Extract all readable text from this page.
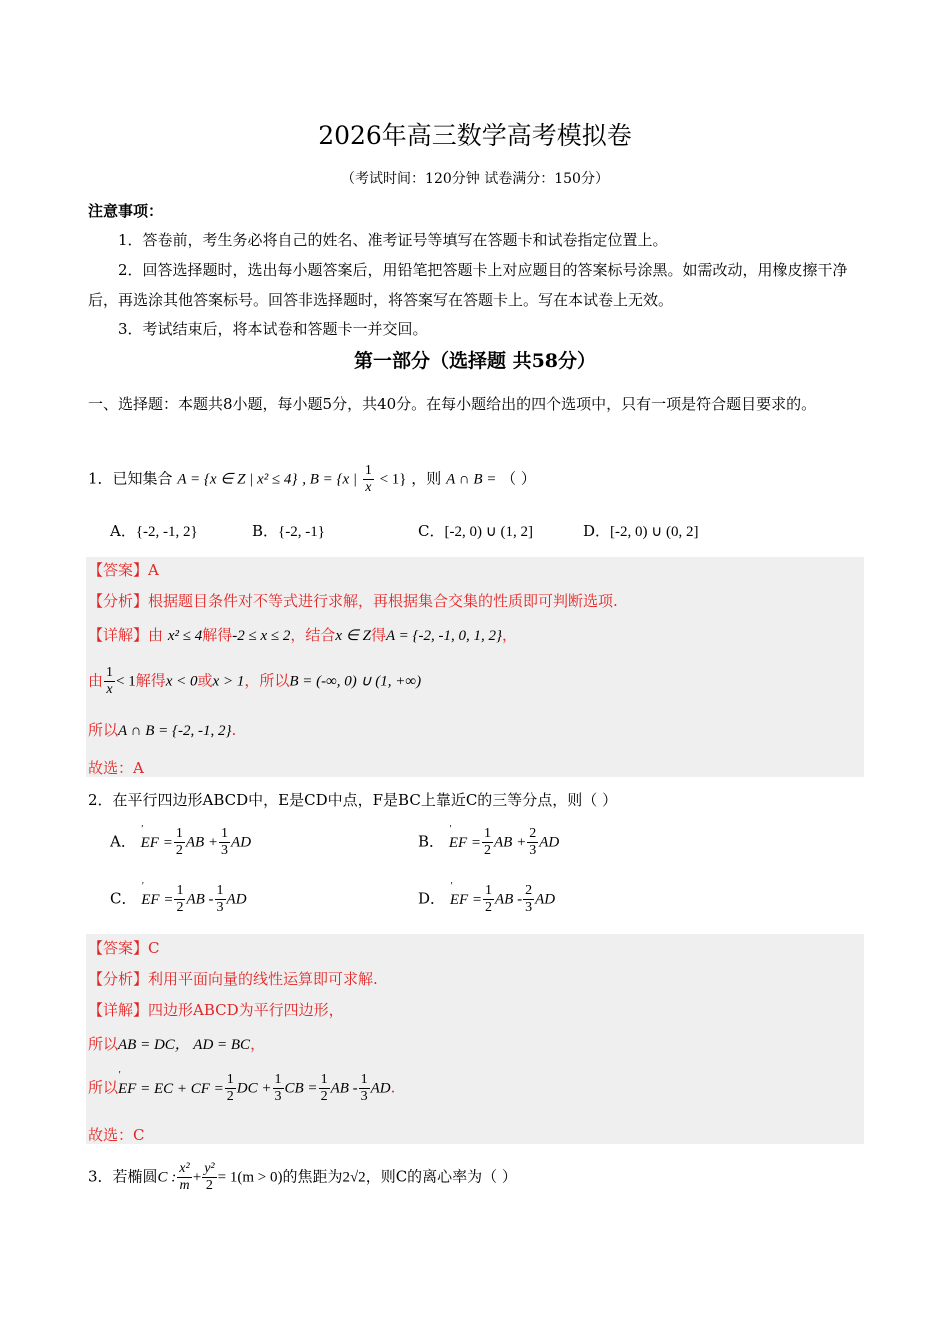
2026年高三数学高考模拟卷
（考试时间：120分钟 试卷满分：150分）
注意事项：
1．答卷前，考生务必将自己的姓名、准考证号等填写在答题卡和试卷指定位置上。
2．回答选择题时，选出每小题答案后，用铅笔把答题卡上对应题目的答案标号涂黑。如需改动，用橡皮擦干净后，再选涂其他答案标号。回答非选择题时，将答案写在答题卡上。写在本试卷上无效。
3．考试结束后，将本试卷和答题卡一并交回。
第一部分（选择题 共58分）
一、选择题：本题共8小题，每小题5分，共40分。在每小题给出的四个选项中，只有一项是符合题目要求的。
1．已知集合 A = {x ∈ Z | x² ≤ 4} , B = {x | $\frac{1}{x} < 1$} ，则 A ∩ B = （ ）
A．{-2, -1, 2}	B．{-2, -1}	C．[-2, 0) ∪ (1, 2]	D．[-2, 0) ∪ (0, 2]
【答案】A
【分析】根据题目条件对不等式进行求解，再根据集合交集的性质即可判断选项.
【详解】由 x² ≤ 4解得-2 ≤ x ≤ 2，结合x ∈ Z得A = {-2, -1, 0, 1, 2}，
由 $\frac{1}{x} < 1$解得x < 0或x > 1，所以B = (-∞, 0) ∪ (1, +∞)
所以A ∩ B = {-2, -1, 2}.
故选：A
2．在平行四边形ABCD中，E是CD中点，F是BC上靠近C的三等分点，则（ ）
A． ' EF = $\frac{1}{2}$ AB + $\frac{1}{3}$ AD	B． ' EF = $\frac{1}{2}$ AB + $\frac{2}{3}$ AD
C． ' EF = $\frac{1}{2}$ AB - $\frac{1}{3}$ AD	D． ' EF = $\frac{1}{2}$ AB - $\frac{2}{3}$ AD
【答案】C
【分析】利用平面向量的线性运算即可求解.
【详解】四边形ABCD为平行四边形，
所以AB = DC， AD = BC，
所以' EF = EC + CF = $\frac{1}{2}$ DC + $\frac{1}{3}$ CB = $\frac{1}{2}$ AB - $\frac{1}{3}$ AD.
故选：C
3．若椭圆C : $\frac{\text{x²}}{m} + \frac{\text{y²}}{2} = 1(m > 0)$的焦距为2√2，则C的离心率为（ ）
